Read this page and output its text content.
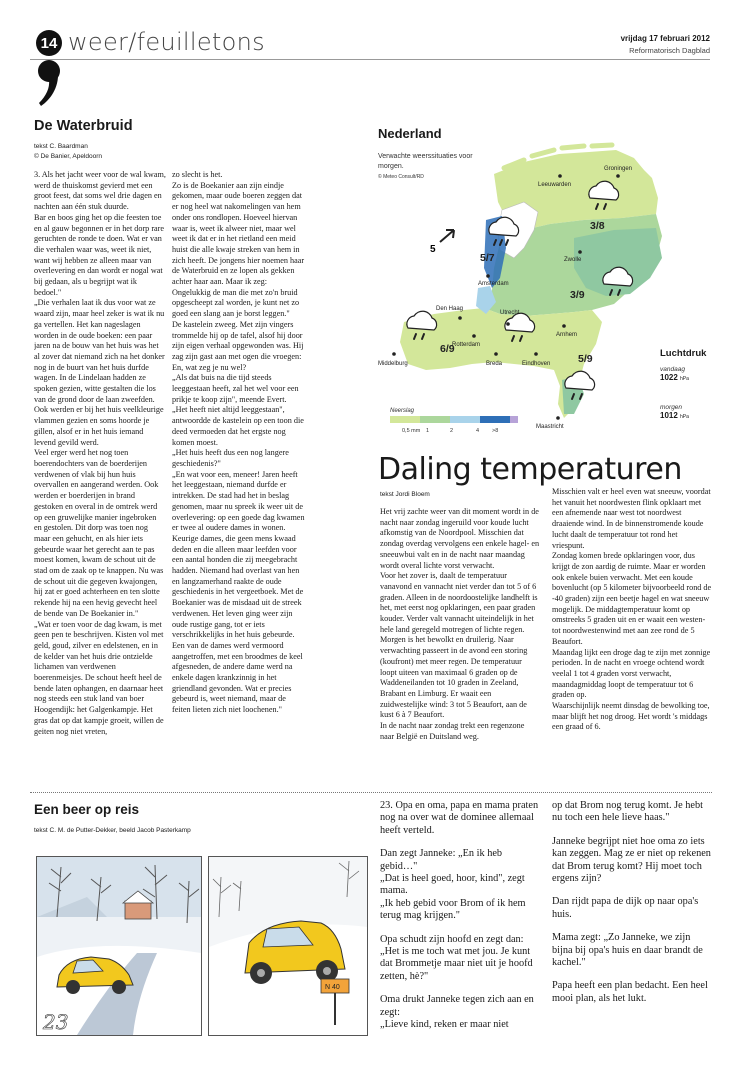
14 weer/feuilletons	vrijdag 17 februari 2012
Reformatorisch Dagblad
De Waterbruid
tekst C. Baardman
© De Banier, Apeldoorn
3. Als het jacht weer voor de wal kwam, werd de thuiskomst gevierd met een groot feest, dat soms wel drie dagen en nachten aan één stuk duurde.
Bar en boos ging het op die feesten toe en al gauw begonnen er in het dorp rare geruchten de ronde te doen. Wat er van die verhalen waar was, weet ik niet, want wij hebben ze alleen maar van overlevering en dan wordt er nogal wat bij gedaan, als u begrijpt wat ik bedoel."
„Die verhalen laat ik dus voor wat ze waard zijn, maar heel zeker is wat ik nu ga vertellen. Het kan nageslagen worden in de oude boeken: een paar jaren na de bouw van het huis was het al zover dat niemand zich na het donker nog in de buurt van het huis durfde wagen. In de Lindelaan hadden ze spoken gezien, witte gestalten die los van de grond door de laan zweefden. Ook werden er bij het huis veelkleurige vlammen gezien en soms hoorde je gillen, alsof er in het huis iemand levend gevild werd.
Veel erger werd het nog toen boerendochters van de boerderijen verdwenen of vlak bij hun huis overvallen en aangerand werden. Ook werden er boerderijen in brand gestoken en overal in de omtrek werd op een gruwelijke manier ingebroken en gestolen. Dit dorp was toen nog maar een gehucht, en als hier iets gebeurde waar het gerecht aan te pas moest komen, kwam de schout uit de stad om de zaak op te knappen. Nu was de schout uit die gegeven kwajongen, hij zat er goed achterheen en ten slotte rekende hij na een hevig gevecht heel de bende van De Boekanier in."
„Wat er toen voor de dag kwam, is met geen pen te beschrijven. Kisten vol met geld, goud, zilver en edelstenen, en in de kelder van het huis drie ontzielde lichamen van verdwenen boerenmeisjes. De schout heeft heel de bende laten ophangen, en daarnaar heet nog steeds een stuk land van boer Hoogendijk: het Galgenkampje. Het gras dat op dat kampje groeit, willen de geiten nog niet vreten,
zo slecht is het.
Zo is de Boekanier aan zijn eindje gekomen, maar oude boeren zeggen dat er nog heel wat nakomelingen van hem onder ons rondlopen. Hoeveel hiervan waar is, weet ik alweer niet, maar wel weet ik dat er in het rietland een meid huist die alle kwaje streken van hem in zich heeft. De jongens hier noemen haar de Waterbruid en ze lopen als gekken achter haar aan. Maar ik zeg: Ongelukkig de man die met zo'n bruid opgescheept zal worden, je kunt net zo goed een slang aan je borst leggen."
De kastelein zweeg. Met zijn vingers trommelde hij op de tafel, alsof hij door zijn eigen verhaal opgewonden was. Hij zag zijn gast aan met ogen die vroegen: En, wat zeg je nu wel?
„Als dat buis na die tijd steeds leeggestaan heeft, zal het wel voor een prikje te koop zijn", meende Evert.
„Het heeft niet altijd leeggestaan", antwoordde de kastelein op een toon die deed vermoeden dat het ergste nog komen moest.
„Het huis heeft dus een nog langere geschiedenis?"
„En wat voor een, meneer! Jaren heeft het leeggestaan, niemand durfde er intrekken. De stad had het in beslag genomen, maar nu spreek ik weer uit de overlevering: op een goede dag kwamen er twee al oudere dames in wonen. Keurige dames, die geen mens kwaad deden en die alleen maar leefden voor een aantal honden die zij meegebracht hadden. Niemand had overlast van hen en langzamerhand raakte de oude geschiedenis in het vergeetboek. Met de Boekanier was de misdaad uit de streek verdwenen. Het leven ging weer zijn oude rustige gang, tot er iets verschrikkelijks in het huis gebeurde. Een van de dames werd vermoord aangetroffen, met een broodmes de keel afgesneden, de andere dame werd na enkele dagen krankzinnig in het griendland gevonden. Wat er precies gebeurd is, weet niemand, maar de feiten lieten zich niet loochenen."
5
Leeuwarden
Groningen
Zwolle
Amsterdam
Den Haag
Rotterdam
Utrecht
Arnhem
Middelburg	Breda	Eindhoven
Maastricht
3/8
5/7
3/9
6/9
5/9
Neerslag
0,5 mm 1	2	4 >8
Nederland
Verwachte weerssituaties voor morgen.
© Meteo Consult/RD
Luchtdruk
vandaag
1022 hPa
morgen
1012 hPa
Daling temperaturen
tekst Jordi Bloem
Het vrij zachte weer van dit moment wordt in de nacht naar zondag ingeruild voor koude lucht afkomstig van de Noordpool. Misschien dat zondag overdag vervolgens een enkele hagel- en sneeuwbui valt en in de nacht naar maandag wordt overal lichte vorst verwacht.
Voor het zover is, daalt de temperatuur vanavond en vannacht niet verder dan tot 5 of 6 graden. Alleen in de noordoostelijke landhelft is het, met eerst nog opklaringen, een paar graden kouder. Verder valt vannacht uiteindelijk in het hele land geregeld motregen of lichte regen.
Morgen is het bewolkt en druilerig. Naar verwachting passeert in de avond een storing (koufront) met meer regen. De temperatuur loopt uiteen van maximaal 6 graden op de Waddeneilanden tot 10 graden in Zeeland, Brabant en Limburg. Er waait een zuidwestelijke wind: 3 tot 5 Beaufort, aan de kust 6 à 7 Beaufort.
In de nacht naar zondag trekt een regenzone naar België en Duitsland weg.
Misschien valt er heel even wat sneeuw, voordat het vanuit het noordwesten flink opklaart met een afnemende naar west tot noordwest draaiende wind. In de binnenstromende koude lucht daalt de temperatuur tot rond het vriespunt.
Zondag komen brede opklaringen voor, dus krijgt de zon aardig de ruimte. Maar er worden ook enkele buien verwacht. Met een koude bovenlucht (op 5 kilometer bijvoorbeeld rond de -40 graden) zijn een beetje hagel en wat sneeuw mogelijk. De middagtemperatuur komt op omstreeks 5 graden uit en er waait een westen- tot noordwestenwind met aan zee rond de 5 Beaufort.
Maandag lijkt een droge dag te zijn met zonnige perioden. In de nacht en vroege ochtend wordt veelal 1 tot 4 graden vorst verwacht, maandagmiddag loopt de temperatuur tot 6 graden op.
Waarschijnlijk neemt dinsdag de bewolking toe, maar blijft het nog droog. Het wordt 's middags een graad of 6.
Een beer op reis
tekst C. M. de Putter-Dekker, beeld Jacob Pasterkamp
23
N 40

23. Opa en oma, papa en mama praten nog na over wat de dominee allemaal heeft verteld.

Dan zegt Janneke: „En ik heb gebid…"
„Dat is heel goed, hoor, kind", zegt mama.
„Ik heb gebid voor Brom of ik hem terug mag krijgen."

Opa schudt zijn hoofd en zegt dan: „Het is me toch wat met jou. Je kunt dat Brommetje maar niet uit je hoofd zetten, hè?"

Oma drukt Janneke tegen zich aan en zegt:
„Lieve kind, reken er maar niet

op dat Brom nog terug komt. Je hebt nu toch een hele lieve haas."

Janneke begrijpt niet hoe oma zo iets kan zeggen. Mag ze er niet op rekenen dat Brom terug komt? Hij moet toch ergens zijn?

Dan rijdt papa de dijk op naar opa's huis.

Mama zegt: „Zo Janneke, we zijn bijna bij opa's huis en daar brandt de kachel."

Papa heeft een plan bedacht. Een heel mooi plan, als het lukt.
